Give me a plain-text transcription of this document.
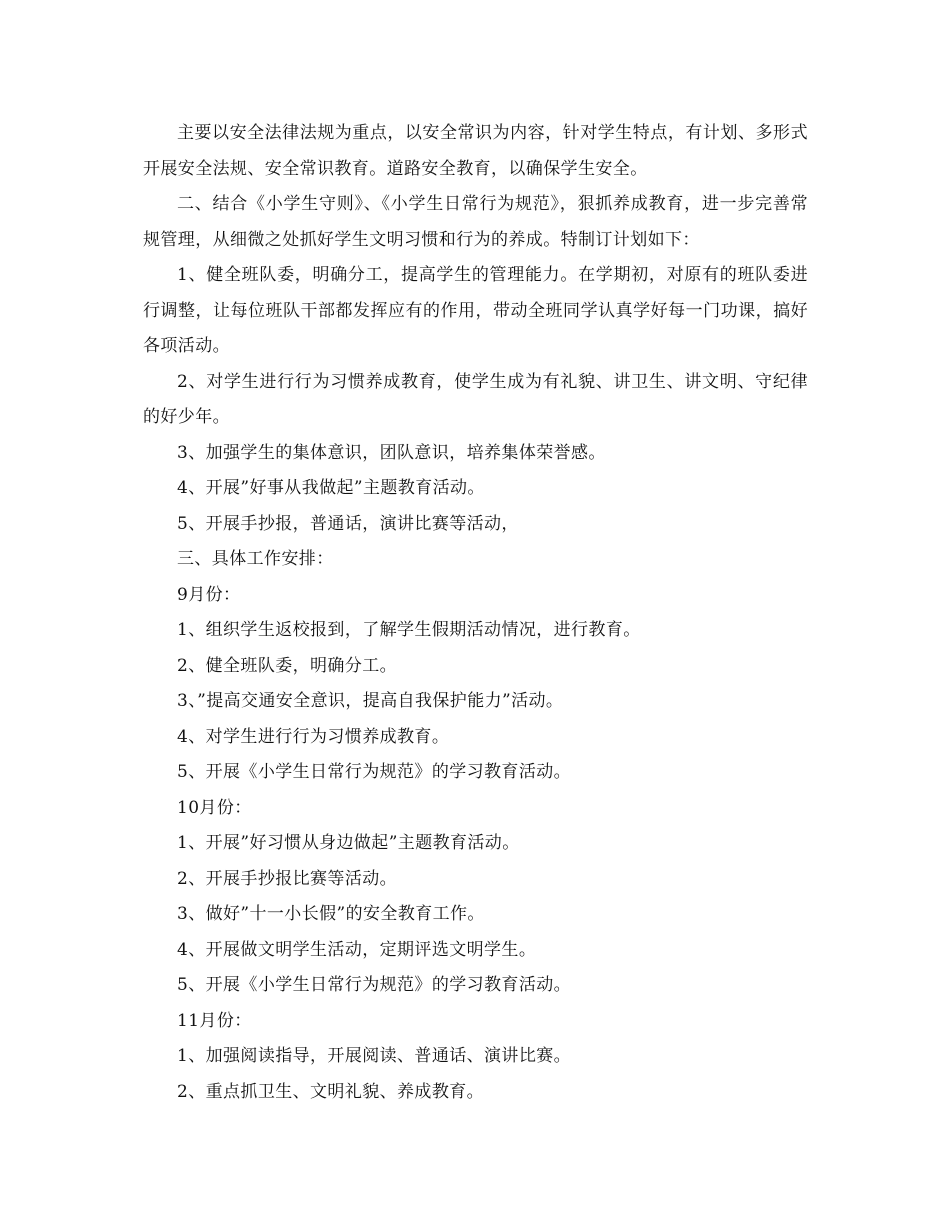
主要以安全法律法规为重点，以安全常识为内容，针对学生特点，有计划、多形式开展安全法规、安全常识教育。道路安全教育，以确保学生安全。

二、结合《小学生守则》、《小学生日常行为规范》，狠抓养成教育，进一步完善常规管理，从细微之处抓好学生文明习惯和行为的养成。特制订计划如下：

1、健全班队委，明确分工，提高学生的管理能力。在学期初，对原有的班队委进行调整，让每位班队干部都发挥应有的作用，带动全班同学认真学好每一门功课，搞好各项活动。

2、对学生进行行为习惯养成教育，使学生成为有礼貌、讲卫生、讲文明、守纪律的好少年。

3、加强学生的集体意识，团队意识，培养集体荣誉感。

4、开展”好事从我做起”主题教育活动。

5、开展手抄报，普通话，演讲比赛等活动，

三、具体工作安排：

9月份：

1、组织学生返校报到，了解学生假期活动情况，进行教育。

2、健全班队委，明确分工。

3、”提高交通安全意识，提高自我保护能力”活动。

4、对学生进行行为习惯养成教育。

5、开展《小学生日常行为规范》的学习教育活动。

10月份：

1、开展”好习惯从身边做起”主题教育活动。

2、开展手抄报比赛等活动。

3、做好”十一小长假”的安全教育工作。

4、开展做文明学生活动，定期评选文明学生。

5、开展《小学生日常行为规范》的学习教育活动。

11月份：

1、加强阅读指导，开展阅读、普通话、演讲比赛。

2、重点抓卫生、文明礼貌、养成教育。
